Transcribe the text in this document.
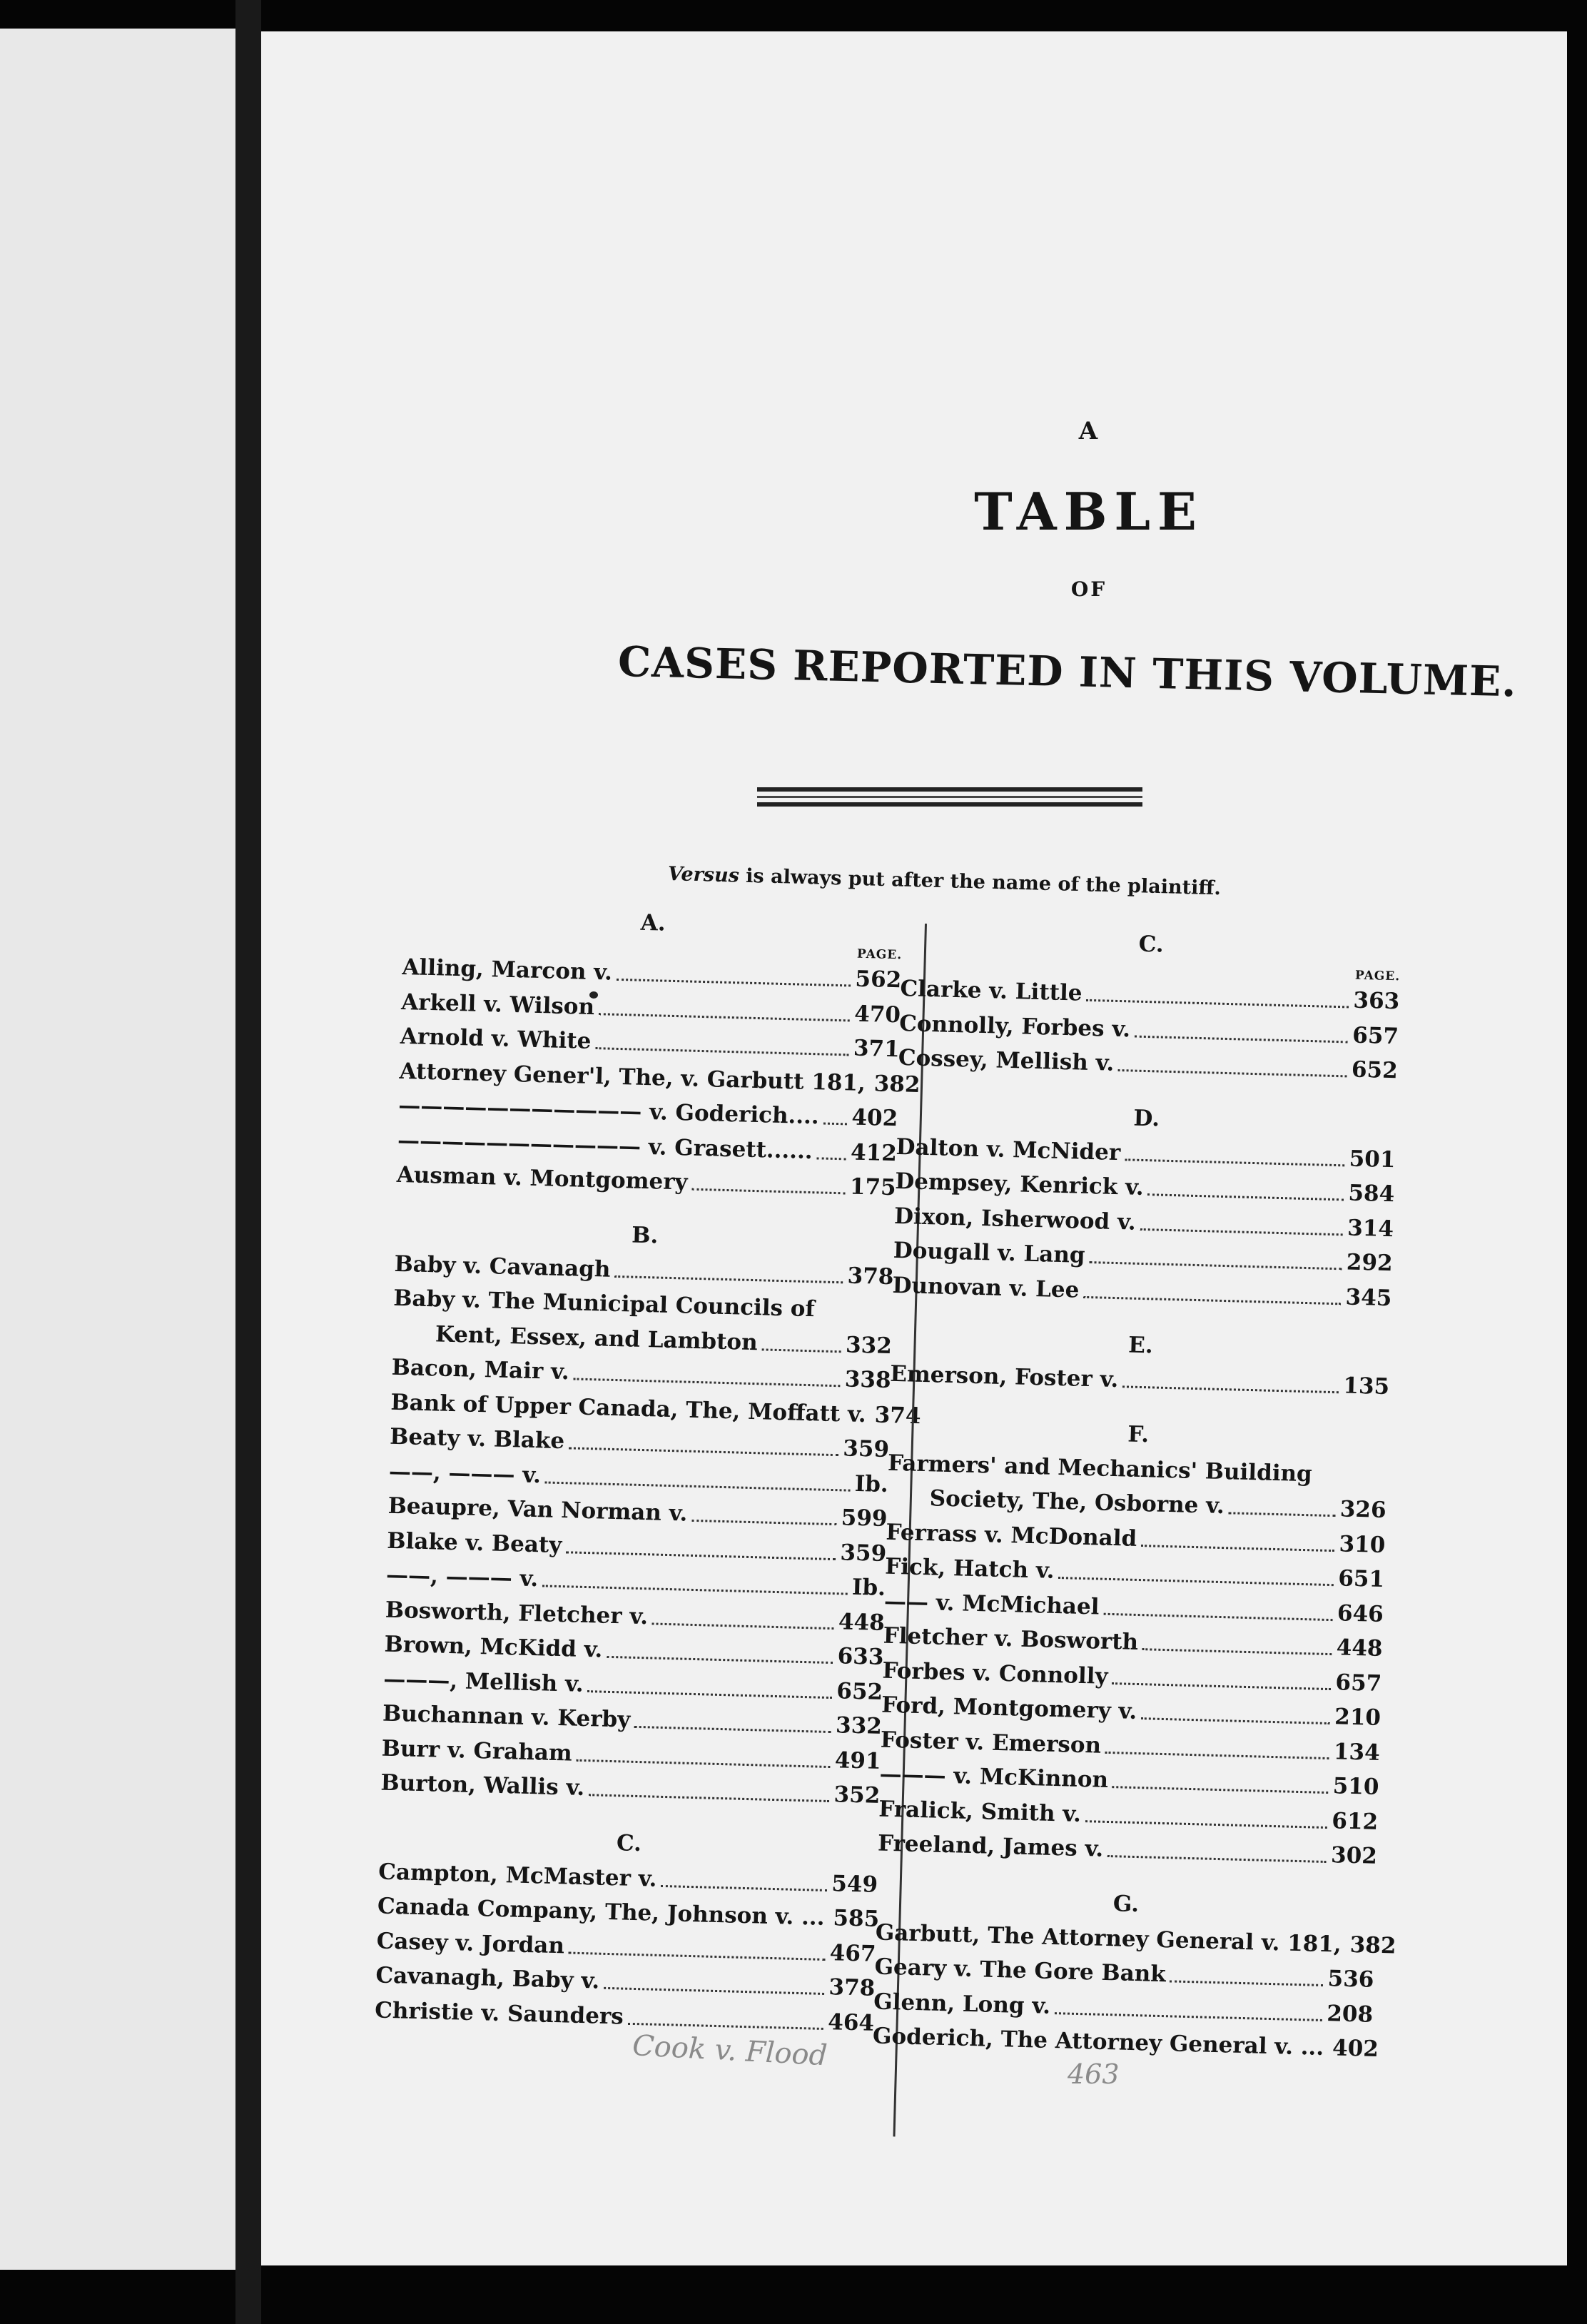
A
TABLE
OF
CASES REPORTED IN THIS VOLUME.
Versus is always put after the name of the plaintiff.
A.
PAGE.
Alling, Marcon v.	562
Arkell v. Wilson	470
Arnold v. White	371
Attorney Gener'l, The, v. Garbutt 181, 382
——————————— v. Goderich.... 402
——————————— v. Grasett...... 412
Ausman v. Montgomery	175
B.
Baby v. Cavanagh	378
Baby v. The Municipal Councils of
Kent, Essex, and Lambton	332
Bacon, Mair v.	338
Bank of Upper Canada, The, Moffatt v. 374
Beaty v. Blake	359
——, ——— v.	Ib.
Beaupre, Van Norman v.	599
Blake v. Beaty	359
——, ——— v.	Ib.
Bosworth, Fletcher v.	448
Brown, McKidd v.	633
———, Mellish v.	652
Buchannan v. Kerby	332
Burr v. Graham	491
Burton, Wallis v.	352
C.
Campton, McMaster v.	549
Canada Company, The, Johnson v. ... 585
Casey v. Jordan	467
Cavanagh, Baby v.	378
Christie v. Saunders	464
C.
PAGE.
Clarke v. Little	363
Connolly, Forbes v.	657
Cossey, Mellish v.	652
D.
Dalton v. McNider	501
Dempsey, Kenrick v.	584
Dixon, Isherwood v.	314
Dougall v. Lang	292
Dunovan v. Lee	345
E.
Emerson, Foster v.	135
F.
Farmers' and Mechanics' Building
Society, The, Osborne v.	326
Ferrass v. McDonald	310
Fick, Hatch v.	651
—— v. McMichael	646
Fletcher v. Bosworth	448
Forbes v. Connolly	657
Ford, Montgomery v.	210
Foster v. Emerson	134
——— v. McKinnon	510
Fralick, Smith v.	612
Freeland, James v.	302
G.
Garbutt, The Attorney General v. 181, 382
Geary v. The Gore Bank	536
Glenn, Long v.	208
Goderich, The Attorney General v. ... 402
Cook v. Flood
463
